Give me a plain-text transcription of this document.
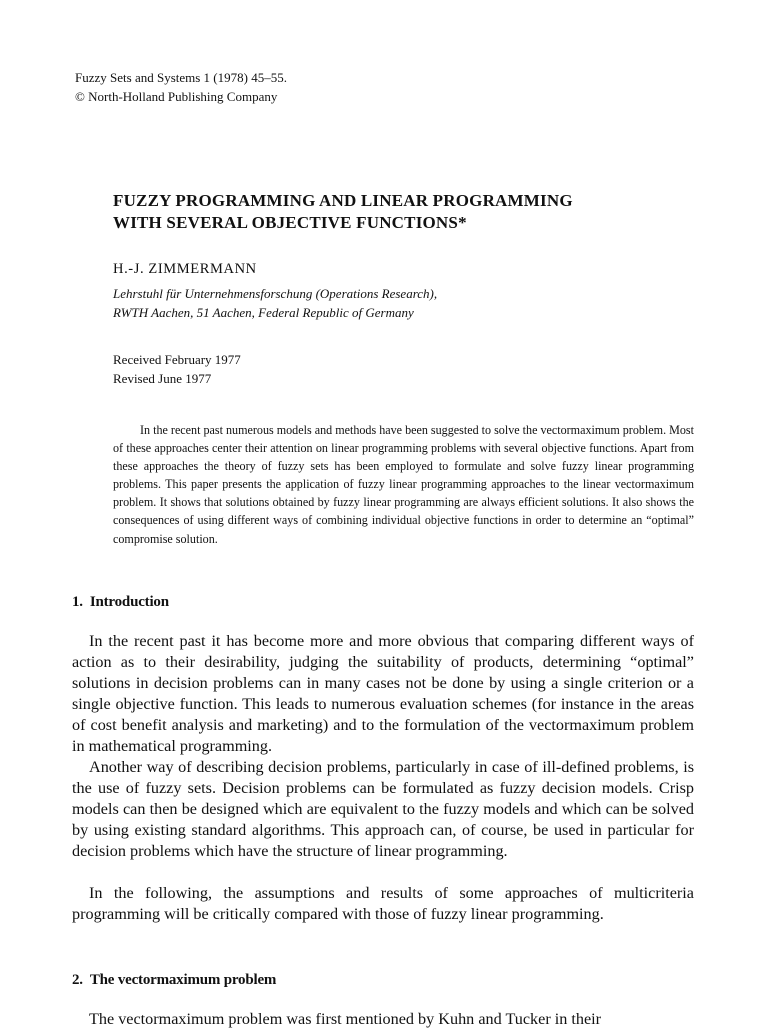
Fuzzy Sets and Systems 1 (1978) 45–55.
© North-Holland Publishing Company
FUZZY PROGRAMMING AND LINEAR PROGRAMMING
WITH SEVERAL OBJECTIVE FUNCTIONS*
H.-J. ZIMMERMANN
Lehrstuhl für Unternehmensforschung (Operations Research),
RWTH Aachen, 51 Aachen, Federal Republic of Germany
Received February 1977
Revised June 1977

In the recent past numerous models and methods have been suggested to solve the vectormaximum problem. Most of these approaches center their attention on linear programming problems with several objective functions. Apart from these approaches the theory of fuzzy sets has been employed to formulate and solve fuzzy linear programming problems. This paper presents the application of fuzzy linear programming approaches to the linear vectormaximum problem. It shows that solutions obtained by fuzzy linear programming are always efficient solutions. It also shows the consequences of using different ways of combining individual objective functions in order to determine an “optimal” compromise solution.

1. Introduction

In the recent past it has become more and more obvious that comparing different ways of action as to their desirability, judging the suitability of products, determining “optimal” solutions in decision problems can in many cases not be done by using a single criterion or a single objective function. This leads to numerous evaluation schemes (for instance in the areas of cost benefit analysis and marketing) and to the formulation of the vectormaximum problem in mathematical programming.

Another way of describing decision problems, particularly in case of ill-defined problems, is the use of fuzzy sets. Decision problems can be formulated as fuzzy decision models. Crisp models can then be designed which are equivalent to the fuzzy models and which can be solved by using existing standard algorithms. This approach can, of course, be used in particular for decision problems which have the structure of linear programming.

In the following, the assumptions and results of some approaches of multicriteria programming will be critically compared with those of fuzzy linear programming.

2. The vectormaximum problem

The vectormaximum problem was first mentioned by Kuhn and Tucker in their
